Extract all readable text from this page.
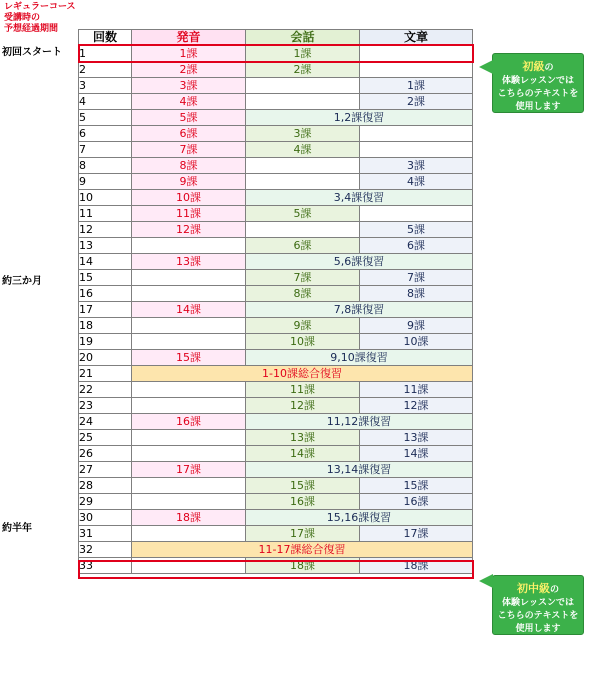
レギュラーコース
受講時の
予想経過期間
初回スタート
約三か月
約半年
回数	発音	会話	文章
1	1課	1課	
2	2課	2課	
3	3課		1課
4	4課		2課
5	5課	1,2課復習	
6	6課	3課	
7	7課	4課	
8	8課		3課
9	9課		4課
10	10課	3,4課復習	
11	11課	5課	
12	12課		5課
13		6課	6課
14	13課	5,6課復習	
15		7課	7課
16		8課	8課
17	14課	7,8課復習	
18		9課	9課
19		10課	10課
20	15課	9,10課復習	
21	1-10課総合復習		
22		11課	11課
23		12課	12課
24	16課	11,12課復習	
25		13課	13課
26		14課	14課
27	17課	13,14課復習	
28		15課	15課
29		16課	16課
30	18課	15,16課復習	
31		17課	17課
32	11-17課総合復習		
33		18課	18課
初級の
体験レッスンでは
こちらのテキストを
使用します
初中級の
体験レッスンでは
こちらのテキストを
使用します
